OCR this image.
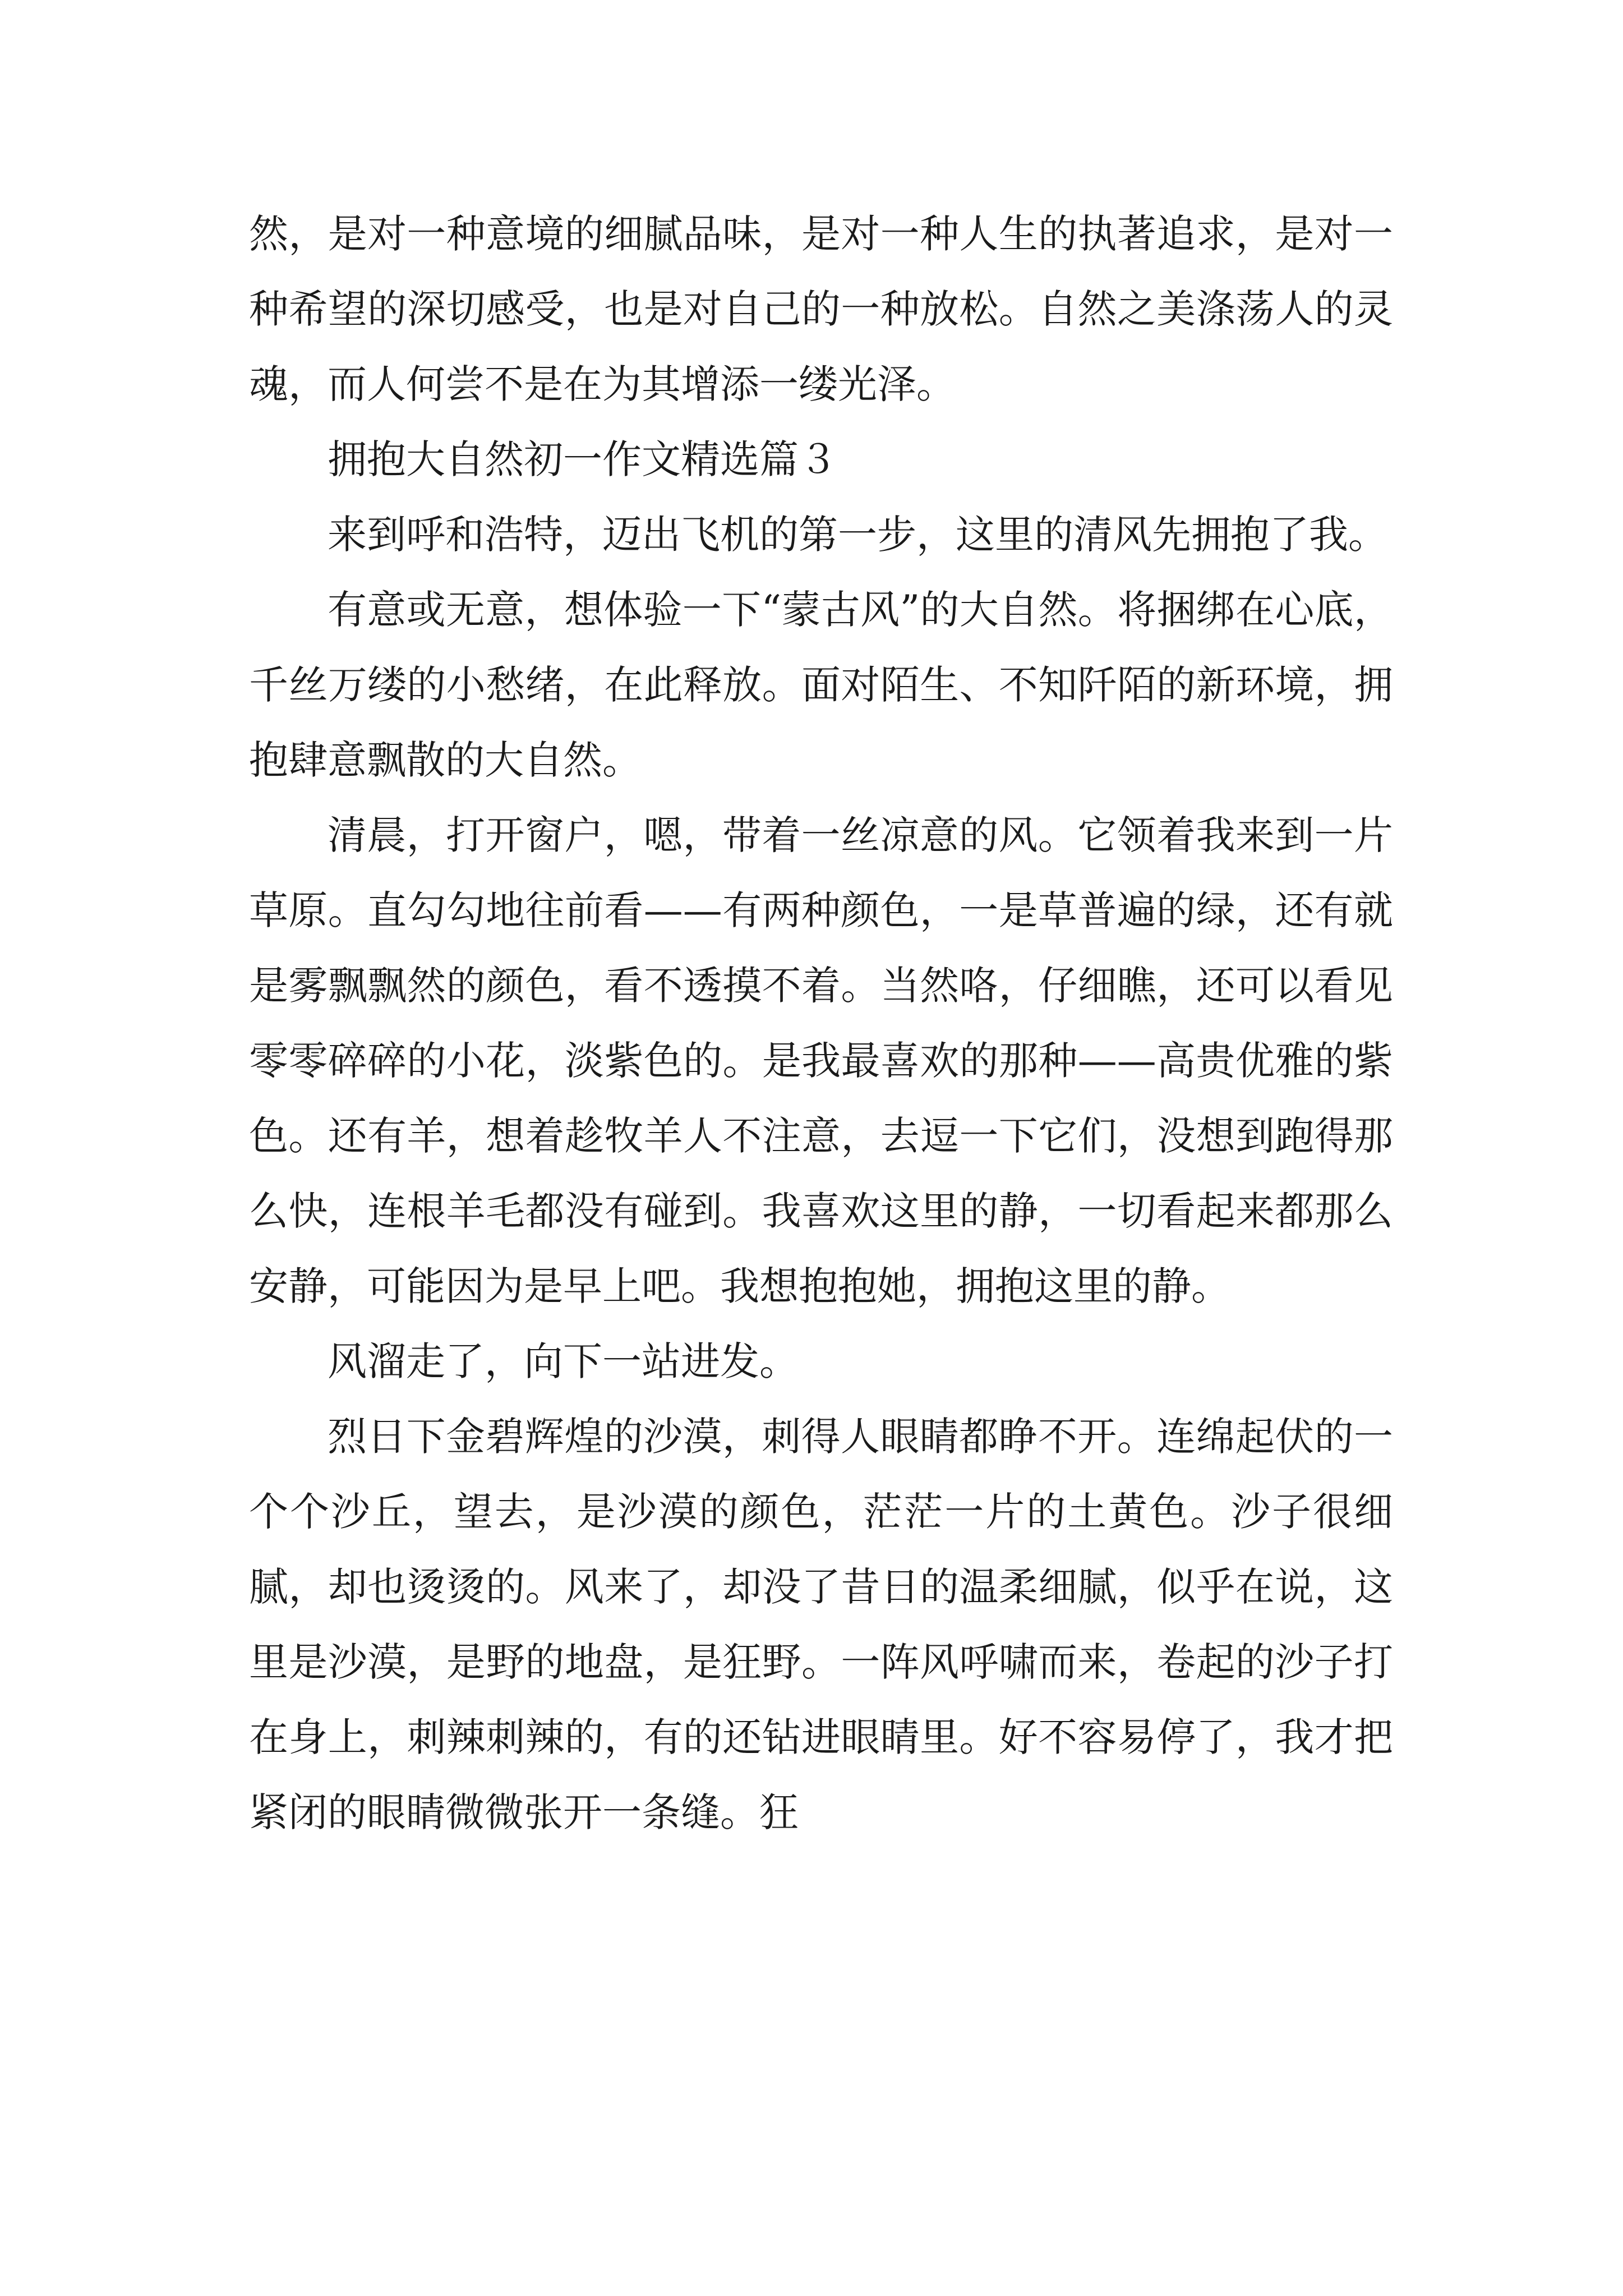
然，是对一种意境的细腻品味，是对一种人生的执著追求，是对一种希望的深切感受，也是对自己的一种放松。自然之美涤荡人的灵魂，而人何尝不是在为其增添一缕光泽。

拥抱大自然初一作文精选篇３

来到呼和浩特，迈出飞机的第一步，这里的清风先拥抱了我。

有意或无意，想体验一下“蒙古风”的大自然。将捆绑在心底，千丝万缕的小愁绪，在此释放。面对陌生、不知阡陌的新环境，拥抱肆意飘散的大自然。

清晨，打开窗户，嗯，带着一丝凉意的风。它领着我来到一片草原。直勾勾地往前看——有两种颜色，一是草普遍的绿，还有就是雾飘飘然的颜色，看不透摸不着。当然咯，仔细瞧，还可以看见零零碎碎的小花，淡紫色的。是我最喜欢的那种——高贵优雅的紫色。还有羊，想着趁牧羊人不注意，去逗一下它们，没想到跑得那么快，连根羊毛都没有碰到。我喜欢这里的静，一切看起来都那么安静，可能因为是早上吧。我想抱抱她，拥抱这里的静。

风溜走了，向下一站进发。

烈日下金碧辉煌的沙漠，刺得人眼睛都睁不开。连绵起伏的一个个沙丘，望去，是沙漠的颜色，茫茫一片的土黄色。沙子很细腻，却也烫烫的。风来了，却没了昔日的温柔细腻，似乎在说，这里是沙漠，是野的地盘，是狂野。一阵风呼啸而来，卷起的沙子打在身上，刺辣刺辣的，有的还钻进眼睛里。好不容易停了，我才把紧闭的眼睛微微张开一条缝。狂
